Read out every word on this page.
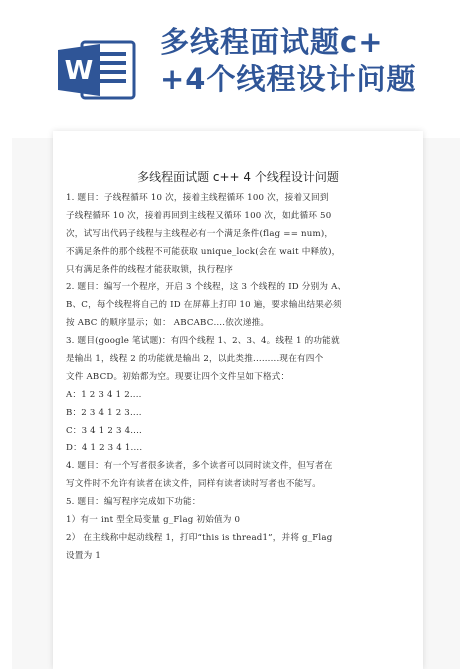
W
多线程面试题c+
+4个线程设计问题
多线程面试题 c++ 4 个线程设计问题
1. 题目：子线程循环 10 次，接着主线程循环 100 次，接着又回到
子线程循环 10 次，接着再回到主线程又循环 100 次，如此循环 50
次，试写出代码子线程与主线程必有一个满足条件(flag == num)，
不满足条件的那个线程不可能获取 unique_lock(会在 wait 中释放)，
只有满足条件的线程才能获取锁，执行程序
2. 题目：编写一个程序，开启 3 个线程，这 3 个线程的 ID 分别为 A、
B、C，每个线程将自己的 ID 在屏幕上打印 10 遍，要求输出结果必须
按 ABC 的顺序显示；如： ABCABC….依次递推。
3. 题目(google 笔试题)：有四个线程 1、2、3、4。线程 1 的功能就
是输出 1，线程 2 的功能就是输出 2，以此类推.........现在有四个
文件 ABCD。初始都为空。现要让四个文件呈如下格式：
A：1 2 3 4 1 2....
B：2 3 4 1 2 3....
C：3 4 1 2 3 4....
D：4 1 2 3 4 1....
4. 题目：有一个写者很多读者，多个读者可以同时读文件，但写者在
写文件时不允许有读者在读文件，同样有读者读时写者也不能写。
5. 题目：编写程序完成如下功能：
1）有一 int 型全局变量 g_Flag 初始值为 0
2） 在主线称中起动线程 1，打印“this is thread1”，并将 g_Flag
设置为 1
